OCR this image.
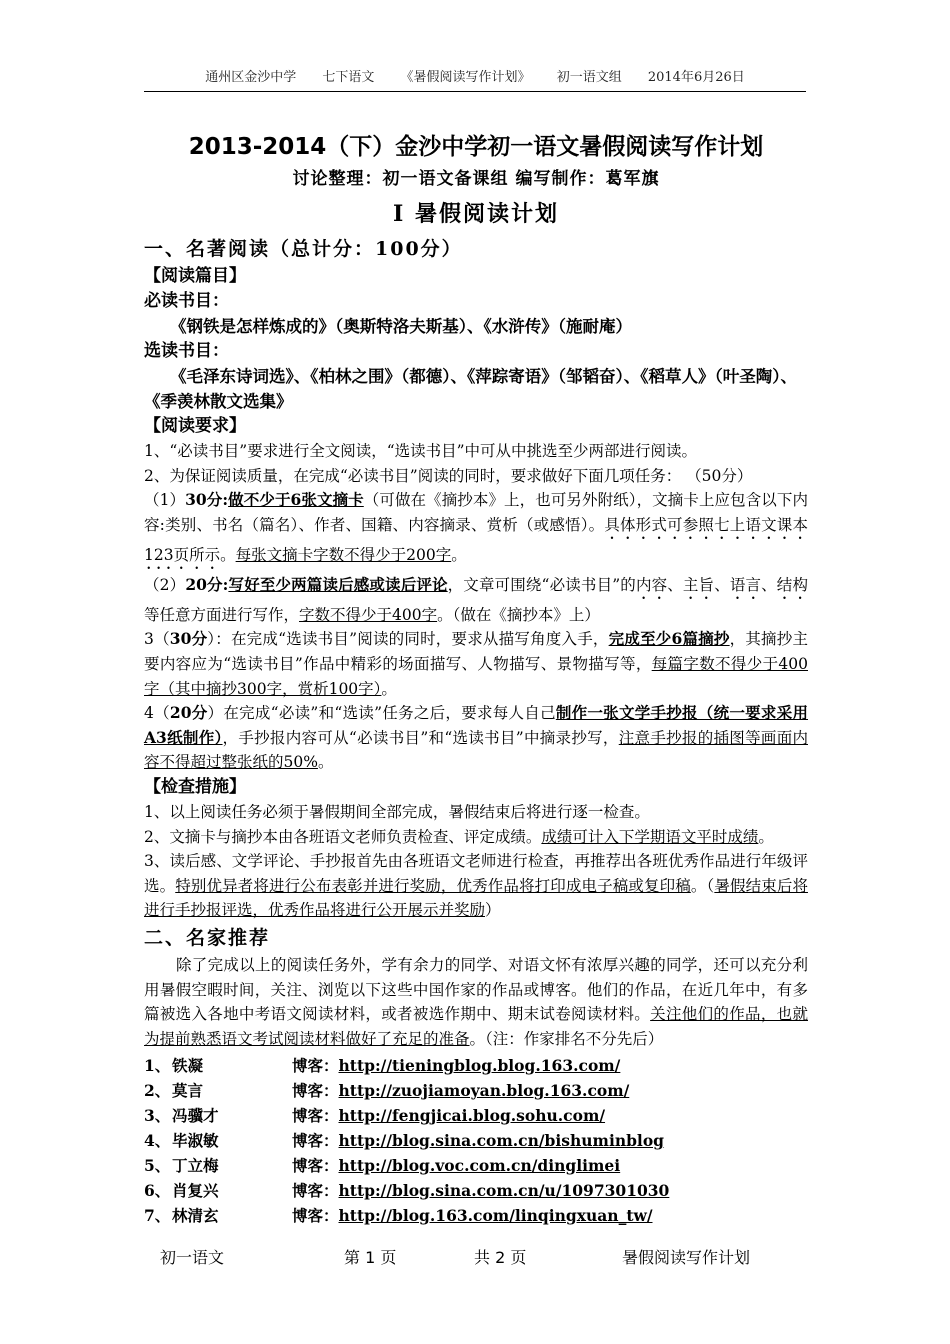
通州区金沙中学 七下语文 《暑假阅读写作计划》 初一语文组 2014年6月26日
2013-2014（下）金沙中学初一语文暑假阅读写作计划
讨论整理：初一语文备课组 编写制作：葛军旗
Ⅰ 暑假阅读计划
一、名著阅读（总计分：100分）
【阅读篇目】
必读书目：
《钢铁是怎样炼成的》（奥斯特洛夫斯基）、《水浒传》（施耐庵）
选读书目：
《毛泽东诗词选》、《柏林之围》（都德）、《萍踪寄语》（邹韬奋）、《稻草人》（叶圣陶）、《季羡林散文选集》
【阅读要求】

1、“必读书目”要求进行全文阅读，“选读书目”中可从中挑选至少两部进行阅读。

2、为保证阅读质量，在完成“必读书目”阅读的同时，要求做好下面几项任务： （50分）

（1）30分:做不少于6张文摘卡（可做在《摘抄本》上，也可另外附纸），文摘卡上应包含以下内容:类别、书名（篇名）、作者、国籍、内容摘录、赏析（或感悟）。具体形式可参照七上语文课本123页所示。每张文摘卡字数不得少于200字。

（2）20分:写好至少两篇读后感或读后评论，文章可围绕“必读书目”的内容、主旨、语言、结构等任意方面进行写作，字数不得少于400字。（做在《摘抄本》上）

3（30分）：在完成“选读书目”阅读的同时，要求从描写角度入手，完成至少6篇摘抄，其摘抄主要内容应为“选读书目”作品中精彩的场面描写、人物描写、景物描写等，每篇字数不得少于400字（其中摘抄300字，赏析100字）。

4（20分）在完成“必读”和“选读”任务之后，要求每人自己制作一张文学手抄报（统一要求采用A3纸制作），手抄报内容可从“必读书目”和“选读书目”中摘录抄写，注意手抄报的插图等画面内容不得超过整张纸的50%。

【检查措施】

1、以上阅读任务必须于暑假期间全部完成，暑假结束后将进行逐一检查。

2、文摘卡与摘抄本由各班语文老师负责检查、评定成绩。成绩可计入下学期语文平时成绩。

3、读后感、文学评论、手抄报首先由各班语文老师进行检查，再推荐出各班优秀作品进行年级评选。特别优异者将进行公布表彰并进行奖励，优秀作品将打印成电子稿或复印稿。（暑假结束后将进行手抄报评选，优秀作品将进行公开展示并奖励）

二、名家推荐

除了完成以上的阅读任务外，学有余力的同学、对语文怀有浓厚兴趣的同学，还可以充分利用暑假空暇时间，关注、浏览以下这些中国作家的作品或博客。他们的作品，在近几年中，有多篇被选入各地中考语文阅读材料，或者被选作期中、期末试卷阅读材料。关注他们的作品，也就为提前熟悉语文考试阅读材料做好了充足的准备。（注：作家排名不分先后）

1、 铁凝	博客： http://tieningblog.blog.163.com/
2、 莫言	博客： http://zuojiamoyan.blog.163.com/
3、 冯骥才	博客： http://fengjicai.blog.sohu.com/
4、 毕淑敏	博客： http://blog.sina.com.cn/bishuminblog
5、 丁立梅	博客： http://blog.voc.com.cn/dinglimei
6、 肖复兴	博客： http://blog.sina.com.cn/u/1097301030
7、 林清玄	博客： http://blog.163.com/linqingxuan_tw/
初一语文	第 1 页	共 2 页	暑假阅读写作计划
